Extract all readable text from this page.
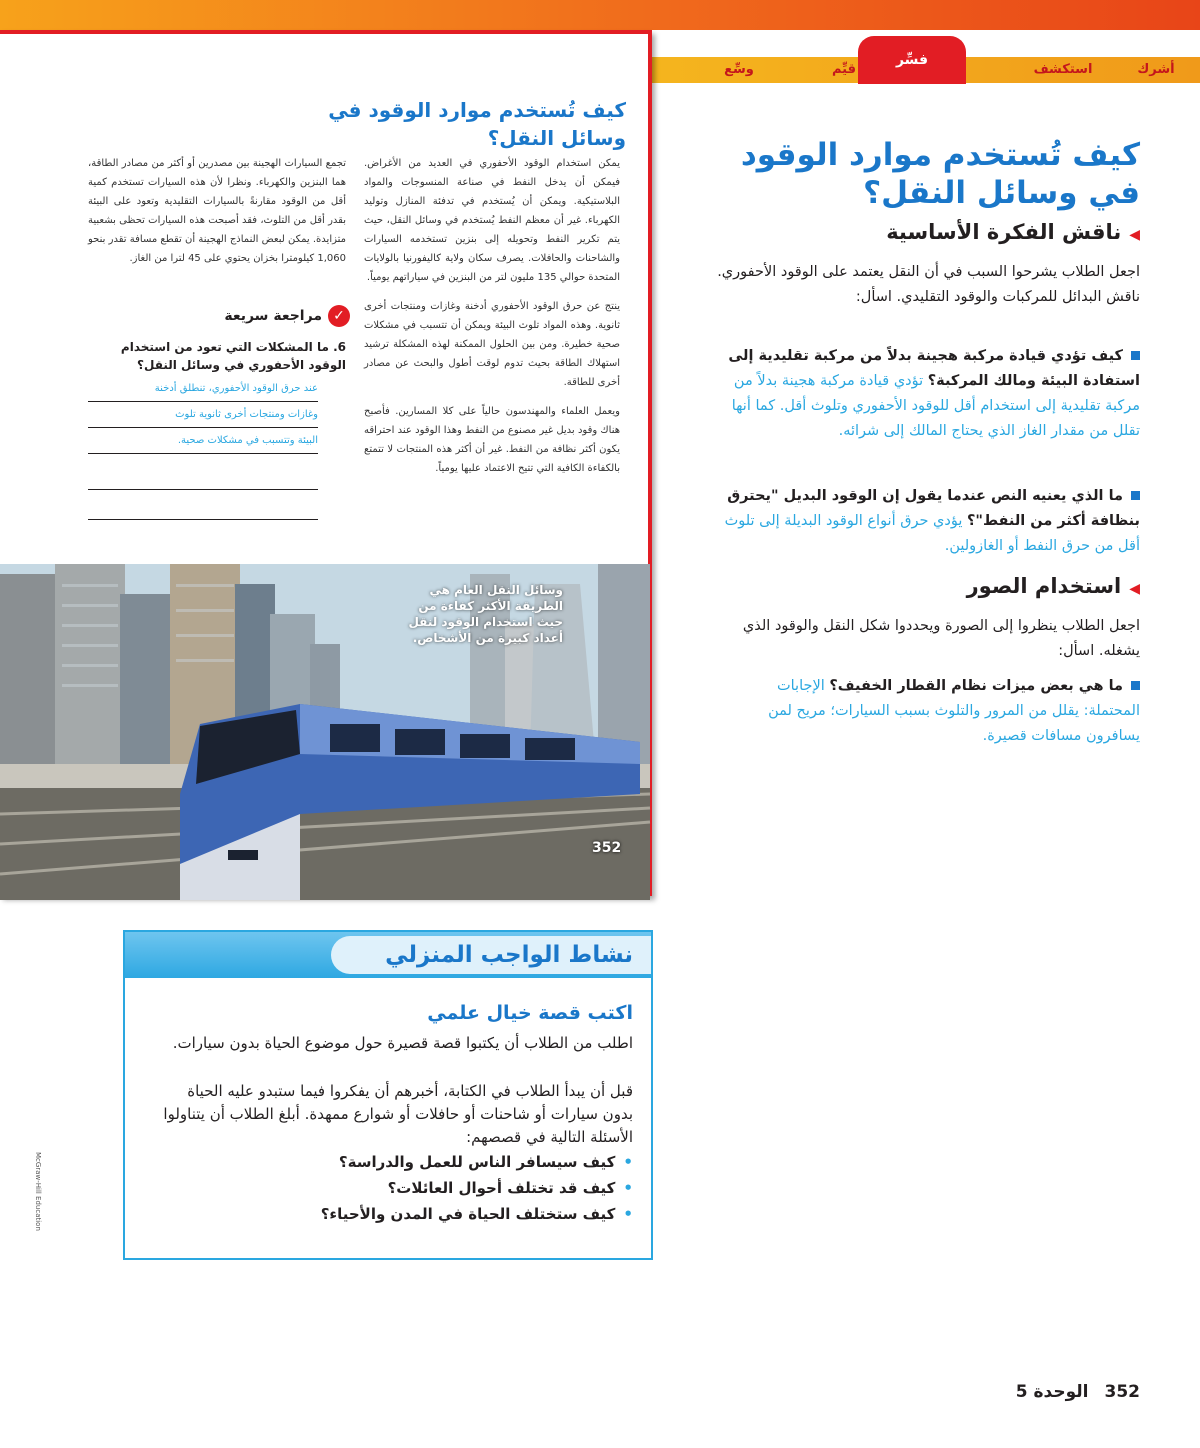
أشرك
استكشف
قيِّم
وسِّع
فسِّر
كيف تُستخدم موارد الوقود في وسائل النقل؟

يمكن استخدام الوقود الأحفوري في العديد من الأغراض. فيمكن أن يدخل النفط في صناعة المنسوجات والمواد البلاستيكية. ويمكن أن يُستخدم في تدفئة المنازل وتوليد الكهرباء. غير أن معظم النفط يُستخدم في وسائل النقل، حيث يتم تكرير النفط وتحويله إلى بنزين تستخدمه السيارات والشاحنات والحافلات. يصرف سكان ولاية كاليفورنيا بالولايات المتحدة حوالي 135 مليون لتر من البنزين في سياراتهم يومياً.

ينتج عن حرق الوقود الأحفوري أدخنة وغازات ومنتجات أخرى ثانوية. وهذه المواد تلوث البيئة ويمكن أن تتسبب في مشكلات صحية خطيرة. ومن بين الحلول الممكنة لهذه المشكلة ترشيد استهلاك الطاقة بحيث تدوم لوقت أطول والبحث عن مصادر أخرى للطاقة.

ويعمل العلماء والمهندسون حالياً على كلا المسارين. فأصبح هناك وقود بديل غير مصنوع من النفط وهذا الوقود عند احتراقه يكون أكثر نظافة من النفط. غير أن أكثر هذه المنتجات لا تتمتع بالكفاءة الكافية التي تتيح الاعتماد عليها يومياً.

تجمع السيارات الهجينة بين مصدرين أو أكثر من مصادر الطاقة، هما البنزين والكهرباء. ونظرا لأن هذه السيارات تستخدم كمية أقل من الوقود مقارنةً بالسيارات التقليدية وتعود على البيئة بقدر أقل من التلوث، فقد أصبحت هذه السيارات تحظى بشعبية متزايدة. يمكن لبعض النماذج الهجينة أن تقطع مسافة تقدر بنحو 1,060 كيلومترا بخزان يحتوي على 45 لترا من الغاز.

✓
مراجعة سريعة
6. ما المشكلات التي تعود من استخدام الوقود الأحفوري في وسائل النقل؟
عند حرق الوقود الأحفوري، تنطلق أدخنة
وغازات ومنتجات أخرى ثانوية تلوث
البيئة وتتسبب في مشكلات صحية.
McGraw-Hill Education
وسائل النقل العام هي الطريقة الأكثر كفاءة من حيث استخدام الوقود لنقل أعداد كبيرة من الأشخاص.
352
كيف تُستخدم موارد الوقود في وسائل النقل؟
◀ناقش الفكرة الأساسية
اجعل الطلاب يشرحوا السبب في أن النقل يعتمد على الوقود الأحفوري. ناقش البدائل للمركبات والوقود التقليدي. اسأل:
كيف تؤدي قيادة مركبة هجينة بدلاً من مركبة تقليدية إلى استفادة البيئة ومالك المركبة؟ تؤدي قيادة مركبة هجينة بدلاً من مركبة تقليدية إلى استخدام أقل للوقود الأحفوري وتلوث أقل. كما أنها تقلل من مقدار الغاز الذي يحتاج المالك إلى شرائه.
ما الذي يعنيه النص عندما يقول إن الوقود البديل "يحترق بنظافة أكثر من النفط"؟ يؤدي حرق أنواع الوقود البديلة إلى تلوث أقل من حرق النفط أو الغازولين.
◀استخدام الصور
اجعل الطلاب ينظروا إلى الصورة ويحددوا شكل النقل والوقود الذي يشغله. اسأل:
ما هي بعض ميزات نظام القطار الخفيف؟ الإجابات المحتملة: يقلل من المرور والتلوث بسبب السيارات؛ مريح لمن يسافرون مسافات قصيرة.
نشاط الواجب المنزلي
اكتب قصة خيال علمي
اطلب من الطلاب أن يكتبوا قصة قصيرة حول موضوع الحياة بدون سيارات.
قبل أن يبدأ الطلاب في الكتابة، أخبرهم أن يفكروا فيما ستبدو عليه الحياة بدون سيارات أو شاحنات أو حافلات أو شوارع ممهدة. أبلغ الطلاب أن يتناولوا الأسئلة التالية في قصصهم:
•كيف سيسافر الناس للعمل والدراسة؟
•كيف قد تختلف أحوال العائلات؟
•كيف ستختلف الحياة في المدن والأحياء؟
352
الوحدة 5
